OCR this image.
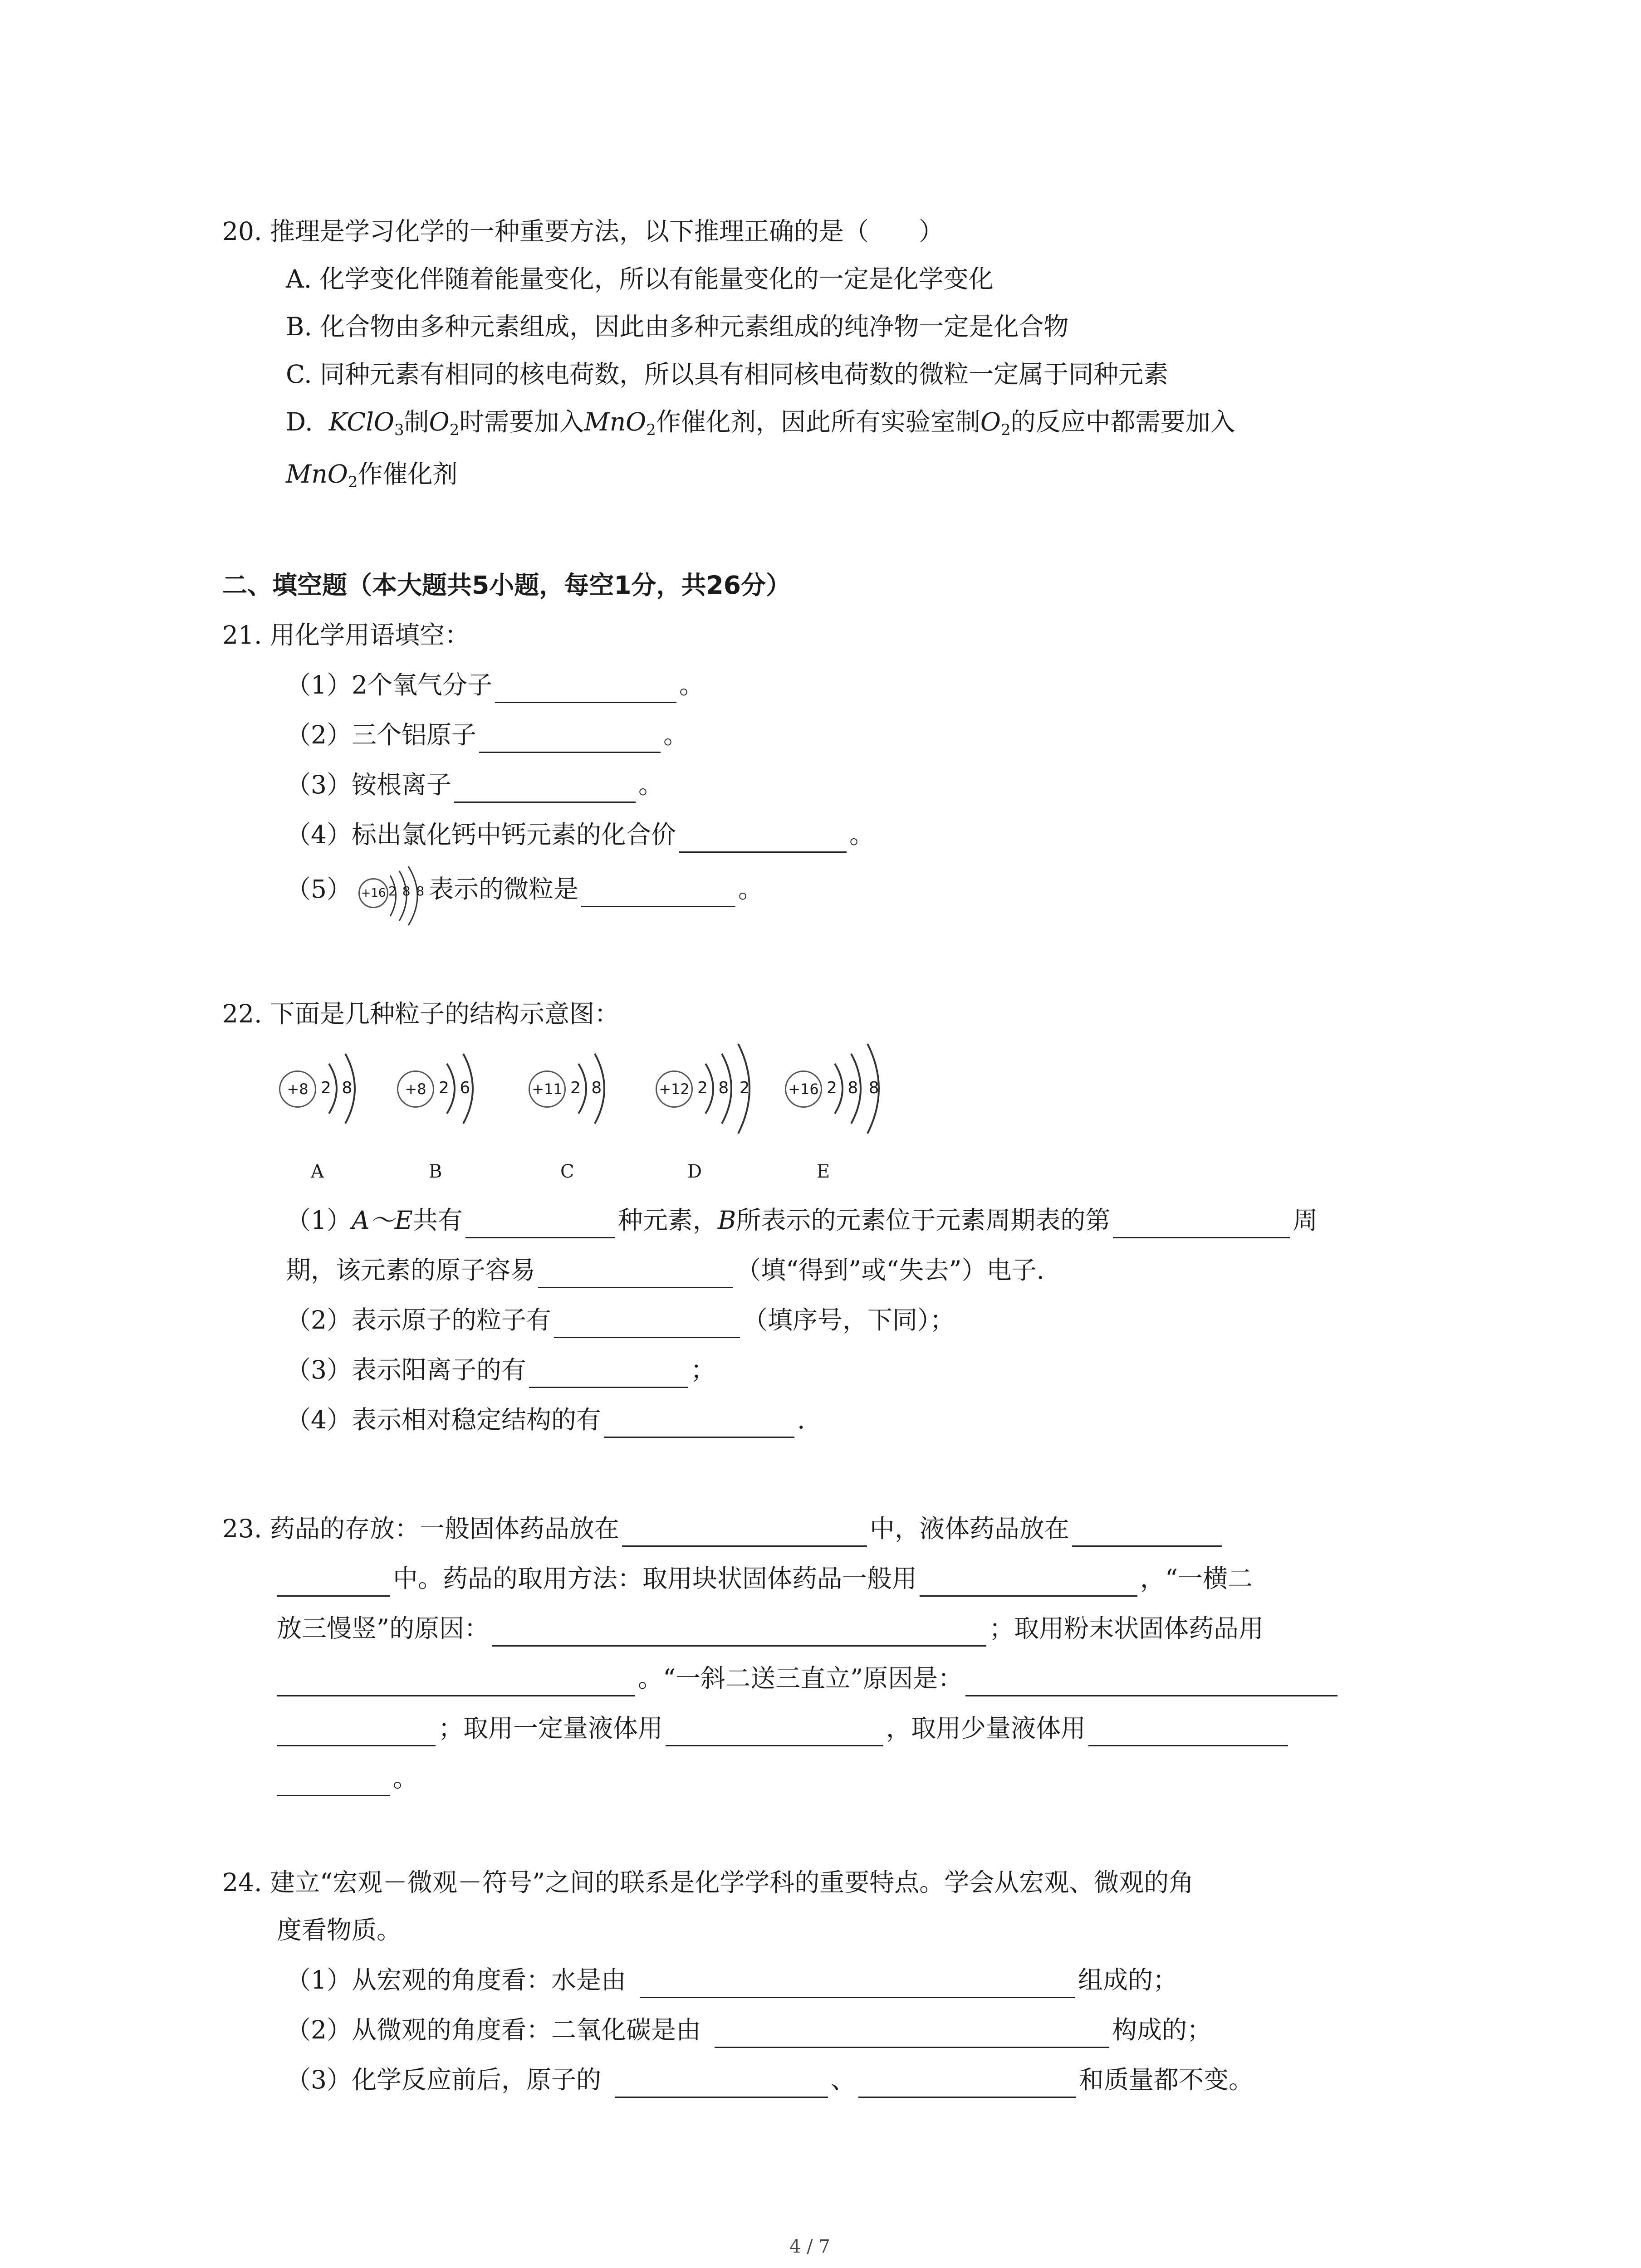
20. 推理是学习化学的一种重要方法，以下推理正确的是（　　）
A. 化学变化伴随着能量变化，所以有能量变化的一定是化学变化
B. 化合物由多种元素组成，因此由多种元素组成的纯净物一定是化合物
C. 同种元素有相同的核电荷数，所以具有相同核电荷数的微粒一定属于同种元素
D. KClO$_3$制$O_2$时需要加入MnO$_2$作催化剂，因此所有实验室制$O_2$的反应中都需要加入
MnO$_2$作催化剂
二、填空题（本大题共5小题，每空1分，共26分）
21. 用化学用语填空：
（1）2个氧气分子	。
（2）三个铝原子	。
（3）铵根离子	。
（4）标出氯化钙中钙元素的化合价	。
（5）	表示的微粒是	。
+16 2 8 8
22. 下面是几种粒子的结构示意图：
+8 2 8
A
+8 2 6
B
+11 2 8
C
+12 2 8 2
D
+16 2 8 8
E
（1）A～E共有	种元素，B所表示的元素位于元素周期表的第	周
期，该元素的原子容易	（填“得到”或“失去”）电子.
（2）表示原子的粒子有	（填序号，下同）；
（3）表示阳离子的有	；
（4）表示相对稳定结构的有	.
23. 药品的存放：一般固体药品放在	中，液体药品放在
中。药品的取用方法：取用块状固体药品一般用	，“一横二
放三慢竖”的原因：	；取用粉末状固体药品用
。“一斜二送三直立”原因是：
；取用一定量液体用	，取用少量液体用
。
24. 建立“宏观－微观－符号”之间的联系是化学学科的重要特点。学会从宏观、微观的角
度看物质。
（1）从宏观的角度看：水是由	组成的；
（2）从微观的角度看：二氧化碳是由	构成的；
（3）化学反应前后，原子的	、	和质量都不变。
4 / 7
